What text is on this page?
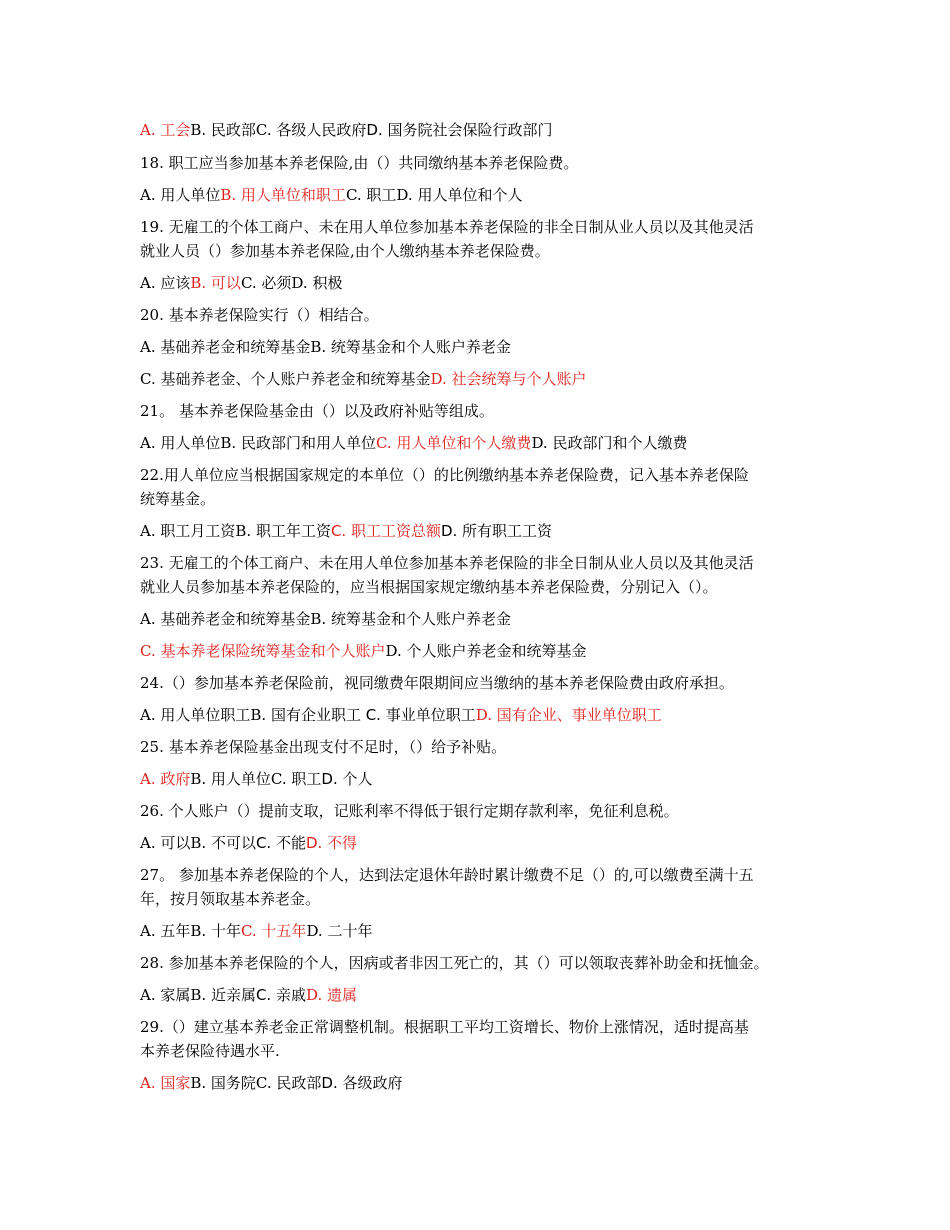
A. 工会B. 民政部C. 各级人民政府D. 国务院社会保险行政部门
18. 职工应当参加基本养老保险,由（）共同缴纳基本养老保险费。
A. 用人单位B. 用人单位和职工C. 职工D. 用人单位和个人
19. 无雇工的个体工商户、未在用人单位参加基本养老保险的非全日制从业人员以及其他灵活
就业人员（）参加基本养老保险,由个人缴纳基本养老保险费。
A. 应该B. 可以C. 必须D. 积极
20. 基本养老保险实行（）相结合。
A. 基础养老金和统筹基金B. 统筹基金和个人账户养老金
C. 基础养老金、个人账户养老金和统筹基金D. 社会统筹与个人账户
21。 基本养老保险基金由（）以及政府补贴等组成。
A. 用人单位B. 民政部门和用人单位C. 用人单位和个人缴费D. 民政部门和个人缴费
22.用人单位应当根据国家规定的本单位（）的比例缴纳基本养老保险费，记入基本养老保险
统筹基金。
A. 职工月工资B. 职工年工资C. 职工工资总额D. 所有职工工资
23. 无雇工的个体工商户、未在用人单位参加基本养老保险的非全日制从业人员以及其他灵活
就业人员参加基本养老保险的，应当根据国家规定缴纳基本养老保险费，分别记入（）。
A. 基础养老金和统筹基金B. 统筹基金和个人账户养老金
C. 基本养老保险统筹基金和个人账户D. 个人账户养老金和统筹基金
24.（）参加基本养老保险前，视同缴费年限期间应当缴纳的基本养老保险费由政府承担。
A. 用人单位职工B. 国有企业职工 C. 事业单位职工D. 国有企业、事业单位职工
25. 基本养老保险基金出现支付不足时，（）给予补贴。
A. 政府B. 用人单位C. 职工D. 个人
26. 个人账户（）提前支取，记账利率不得低于银行定期存款利率，免征利息税。
A. 可以B. 不可以C. 不能D. 不得
27。 参加基本养老保险的个人，达到法定退休年龄时累计缴费不足（）的,可以缴费至满十五
年，按月领取基本养老金。
A. 五年B. 十年C. 十五年D. 二十年
28. 参加基本养老保险的个人，因病或者非因工死亡的，其（）可以领取丧葬补助金和抚恤金。
A. 家属B. 近亲属C. 亲戚D. 遗属
29.（）建立基本养老金正常调整机制。根据职工平均工资增长、物价上涨情况，适时提高基
本养老保险待遇水平.
A. 国家B. 国务院C. 民政部D. 各级政府
